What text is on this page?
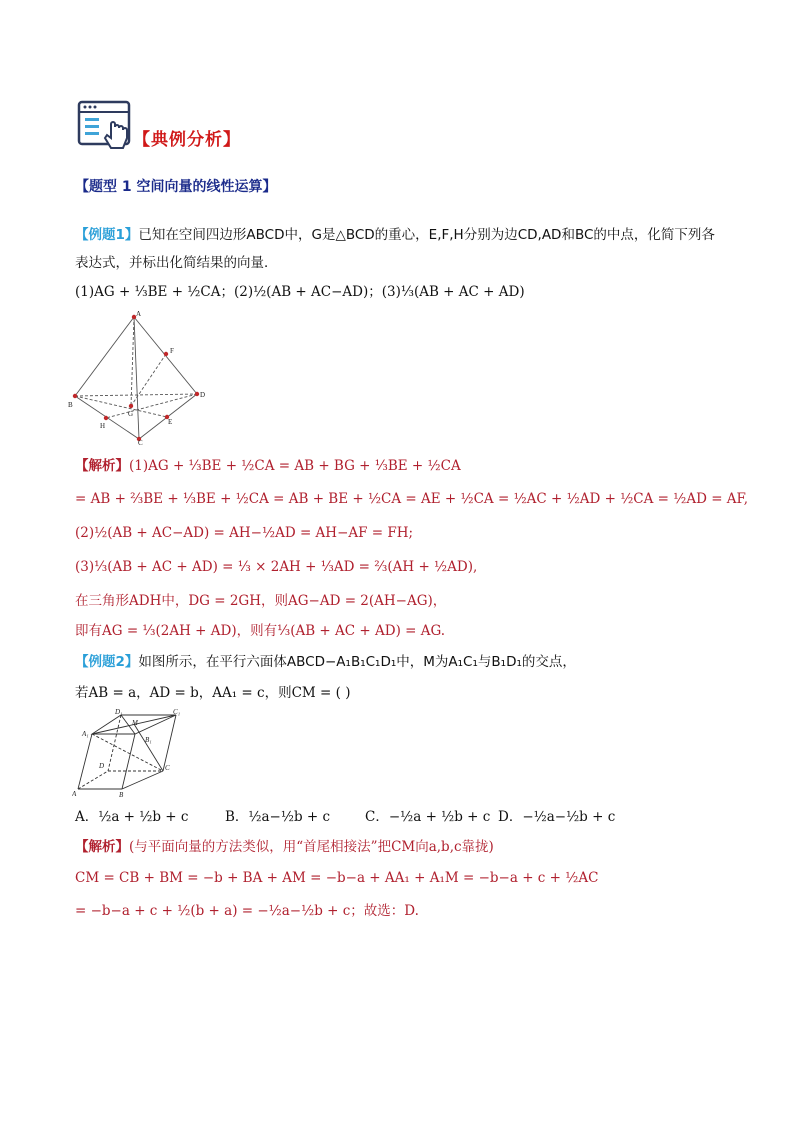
【典例分析】
【题型 1 空间向量的线性运算】
【例题1】已知在空间四边形ABCD中，G是△BCD的重心，E,F,H分别为边CD,AD和BC的中点，化简下列各
表达式，并标出化简结果的向量．
(1)AG + ⅓BE + ½CA；(2)½(AB + AC−AD)；(3)⅓(AB + AC + AD)
A
F
D
B
G
E
H
C
【解析】(1)AG + ⅓BE + ½CA = AB + BG + ⅓BE + ½CA
= AB + ⅔BE + ⅓BE + ½CA = AB + BE + ½CA = AE + ½CA = ½AC + ½AD + ½CA = ½AD = AF,
(2)½(AB + AC−AD) = AH−½AD = AH−AF = FH;
(3)⅓(AB + AC + AD) = ⅓ × 2AH + ⅓AD = ⅔(AH + ½AD),
在三角形ADH中，DG = 2GH，则AG−AD = 2(AH−AG)，
即有AG = ⅓(2AH + AD)，则有⅓(AB + AC + AD) = AG.
【例题2】如图所示，在平行六面体ABCD−A₁B₁C₁D₁中，M为A₁C₁与B₁D₁的交点，
若AB = a，AD = b，AA₁ = c，则CM = ( )
D₁	C₁
A₁
M
B₁
D	C
A	B
A．½a + ½b + c	B．½a−½b + c	C．−½a + ½b + c D．−½a−½b + c
【解析】(与平面向量的方法类似，用“首尾相接法”把CM向a,b,c靠拢)
CM = CB + BM = −b + BA + AM = −b−a + AA₁ + A₁M = −b−a + c + ½AC
= −b−a + c + ½(b + a) = −½a−½b + c；故选：D.
